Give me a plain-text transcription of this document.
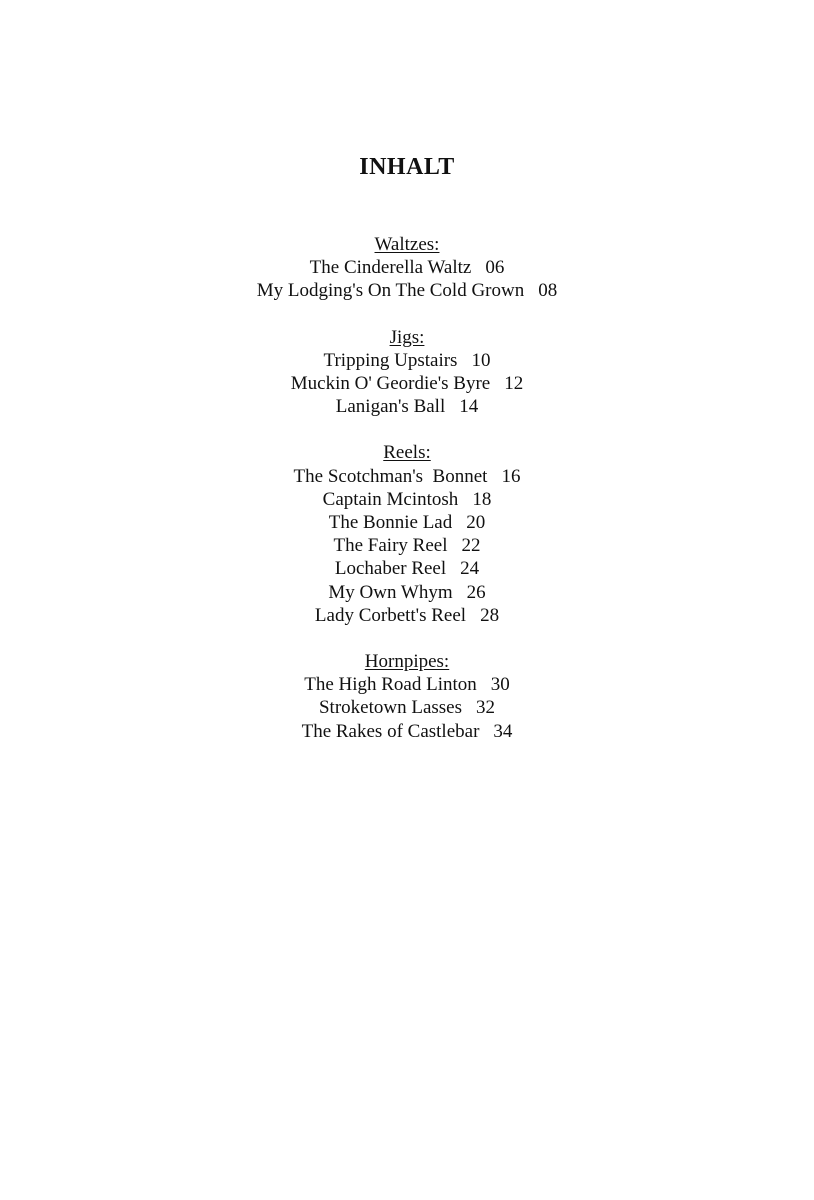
INHALT
Waltzes:
The Cinderella Waltz 06
My Lodging's On The Cold Grown 08
Jigs:
Tripping Upstairs 10
Muckin O' Geordie's Byre 12
Lanigan's Ball 14
Reels:
The Scotchman's  Bonnet 16
Captain Mcintosh 18
The Bonnie Lad 20
The Fairy Reel 22
Lochaber Reel 24
My Own Whym 26
Lady Corbett's Reel 28
Hornpipes:
The High Road Linton 30
Stroketown Lasses 32
The Rakes of Castlebar 34
